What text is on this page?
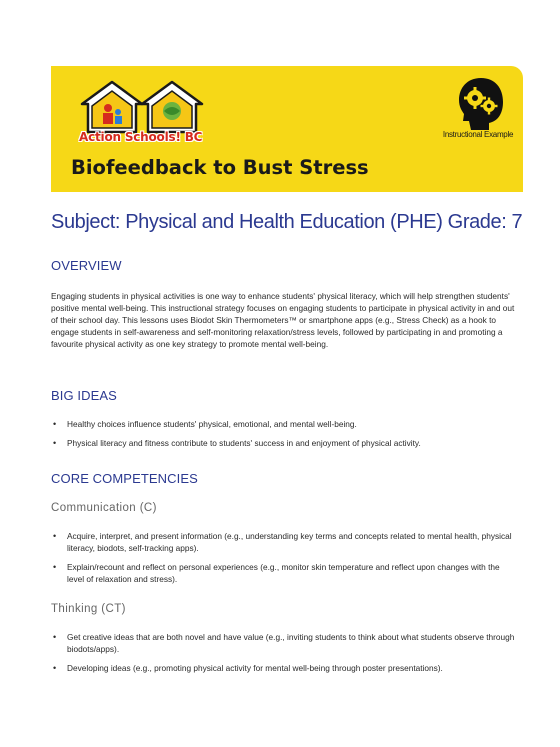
Action Schools! BC	Instructional Example
Biofeedback to Bust Stress
Subject: Physical and Health Education (PHE) Grade: 7
OVERVIEW

Engaging students in physical activities is one way to enhance students' physical literacy, which will help strengthen students' positive mental well-being. This instructional strategy focuses on engaging students to participate in physical activity in and out of their school day. This lessons uses Biodot Skin Thermometers™ or smartphone apps (e.g., Stress Check) as a hook to engage students in self-awareness and self-monitoring relaxation/stress levels, followed by participating in and promoting a favourite physical activity as one key strategy to promote mental well-being.

BIG IDEAS
• Healthy choices influence students' physical, emotional, and mental well-being.
• Physical literacy and fitness contribute to students' success in and enjoyment of physical activity.
CORE COMPETENCIES
Communication (C)
• Acquire, interpret, and present information (e.g., understanding key terms and concepts related to mental health, physical literacy, biodots, self-tracking apps).
• Explain/recount and reflect on personal experiences (e.g., monitor skin temperature and reflect upon changes with the level of relaxation and stress).
Thinking (CT)
• Get creative ideas that are both novel and have value (e.g., inviting students to think about what students observe through biodots/apps).
• Developing ideas (e.g., promoting physical activity for mental well-being through poster presentations).
